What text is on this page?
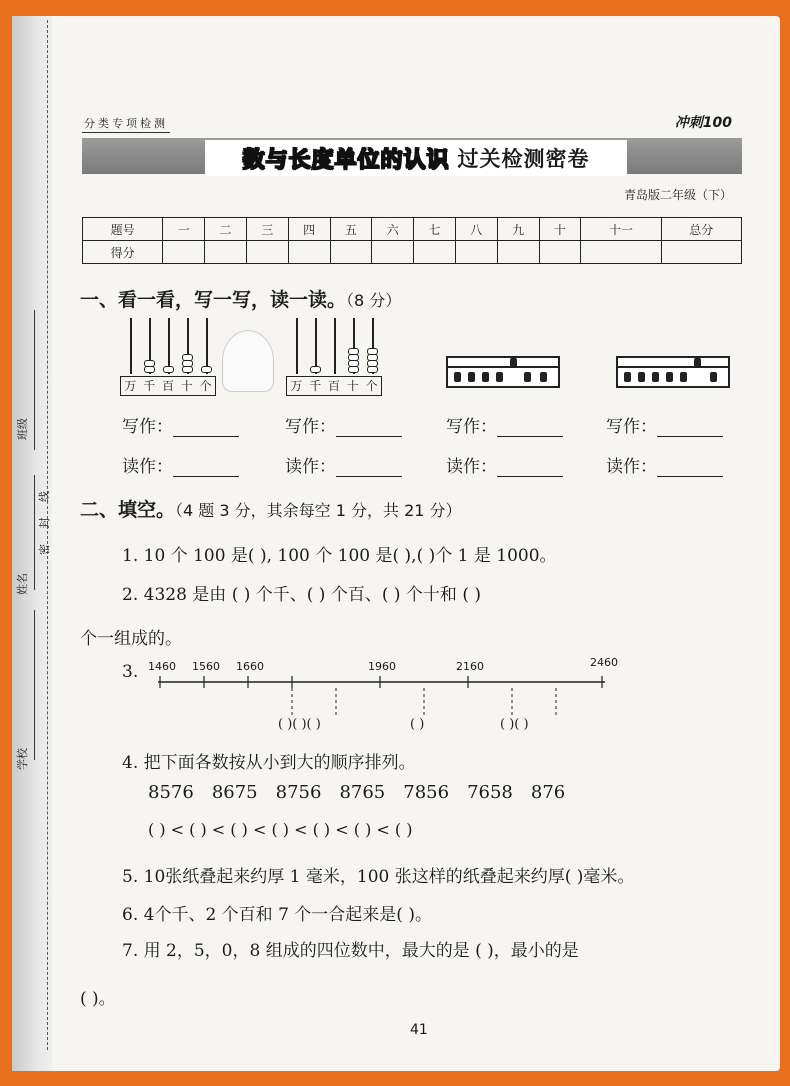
班级
姓名
密 封 线
学校
分类专项检测	冲刺100
数与长度单位的认识 过关检测密卷
青岛版二年级（下）
题号	一	二	三	四	五	六	七	八	九	十	十一	总分
得分												
一、看一看，写一写，读一读。（8 分）
万 千 百 十 个	万 千 百 十 个
写作：	写作：	写作：	写作：
读作：	读作：	读作：	读作：
二、填空。（4 题 3 分，其余每空 1 分，共 21 分）
1. 10 个 100 是( ), 100 个 100 是( ),( )个 1 是 1000。
2. 4328 是由 ( ) 个千、( ) 个百、( ) 个十和 ( )
个一组成的。
3. 1460 1560 1660	1960	2160	2460
( )( )( )	( )	( )( )
4. 把下面各数按从小到大的顺序排列。
8576 8675 8756 8765 7856 7658 876
( ) < ( ) < ( ) < ( ) < ( ) < ( ) < ( )
5. 10张纸叠起来约厚 1 毫米，100 张这样的纸叠起来约厚( )毫米。
6. 4个千、2 个百和 7 个一合起来是( )。
7. 用 2，5，0，8 组成的四位数中，最大的是 ( )，最小的是
( )。
41
